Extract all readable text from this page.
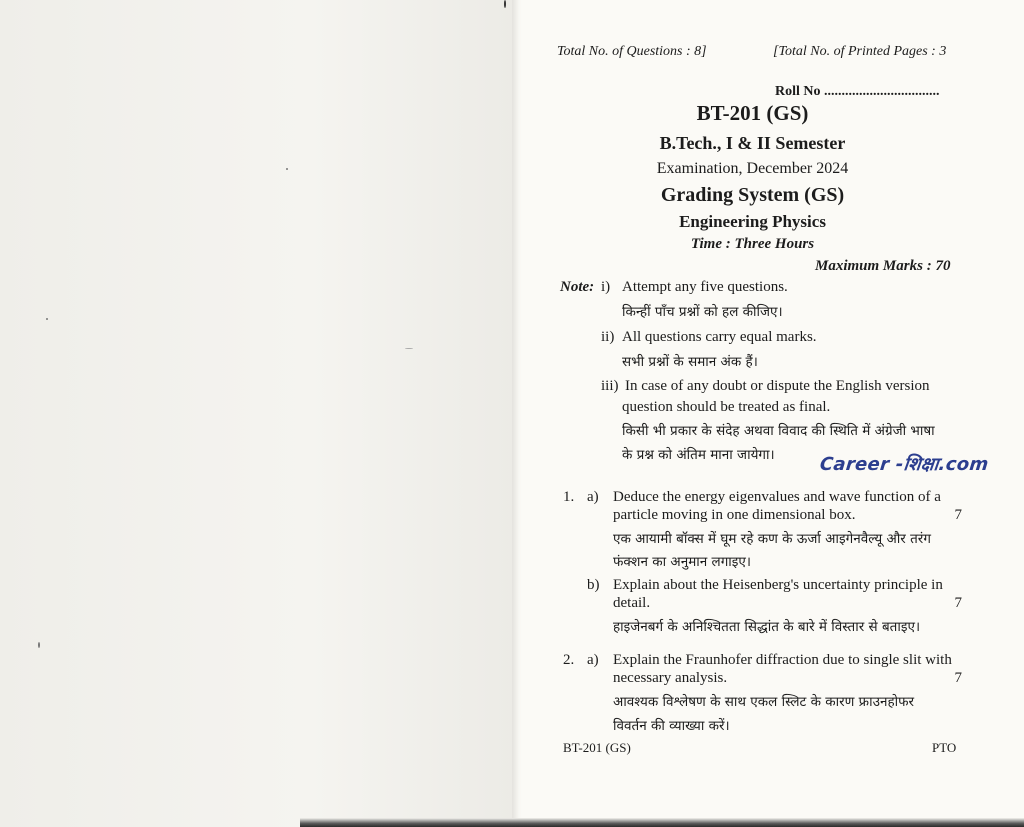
Total No. of Questions : 8]	[Total No. of Printed Pages : 3
Roll No .................................
BT-201 (GS)
B.Tech., I & II Semester
Examination, December 2024
Grading System (GS)
Engineering Physics
Time : Three Hours
Maximum Marks : 70
Note: i) Attempt any five questions.
किन्हीं पाँच प्रश्नों को हल कीजिए।
ii) All questions carry equal marks.
सभी प्रश्नों के समान अंक हैं।
iii) In case of any doubt or dispute the English version
question should be treated as final.
किसी भी प्रकार के संदेह अथवा विवाद की स्थिति में अंग्रेजी भाषा
के प्रश्न को अंतिम माना जायेगा। Career -शिक्षा.com
1. a) Deduce the energy eigenvalues and wave function of a
particle moving in one dimensional box.	7
एक आयामी बॉक्स में घूम रहे कण के ऊर्जा आइगेनवैल्यू और तरंग
फंक्शन का अनुमान लगाइए।
b) Explain about the Heisenberg's uncertainty principle in
detail.	7
हाइजेनबर्ग के अनिश्चितता सिद्धांत के बारे में विस्तार से बताइए।
2. a) Explain the Fraunhofer diffraction due to single slit with
necessary analysis.	7
आवश्यक विश्लेषण के साथ एकल स्लिट के कारण फ्राउनहोफर
विवर्तन की व्याख्या करें।
BT-201 (GS)	PTO
